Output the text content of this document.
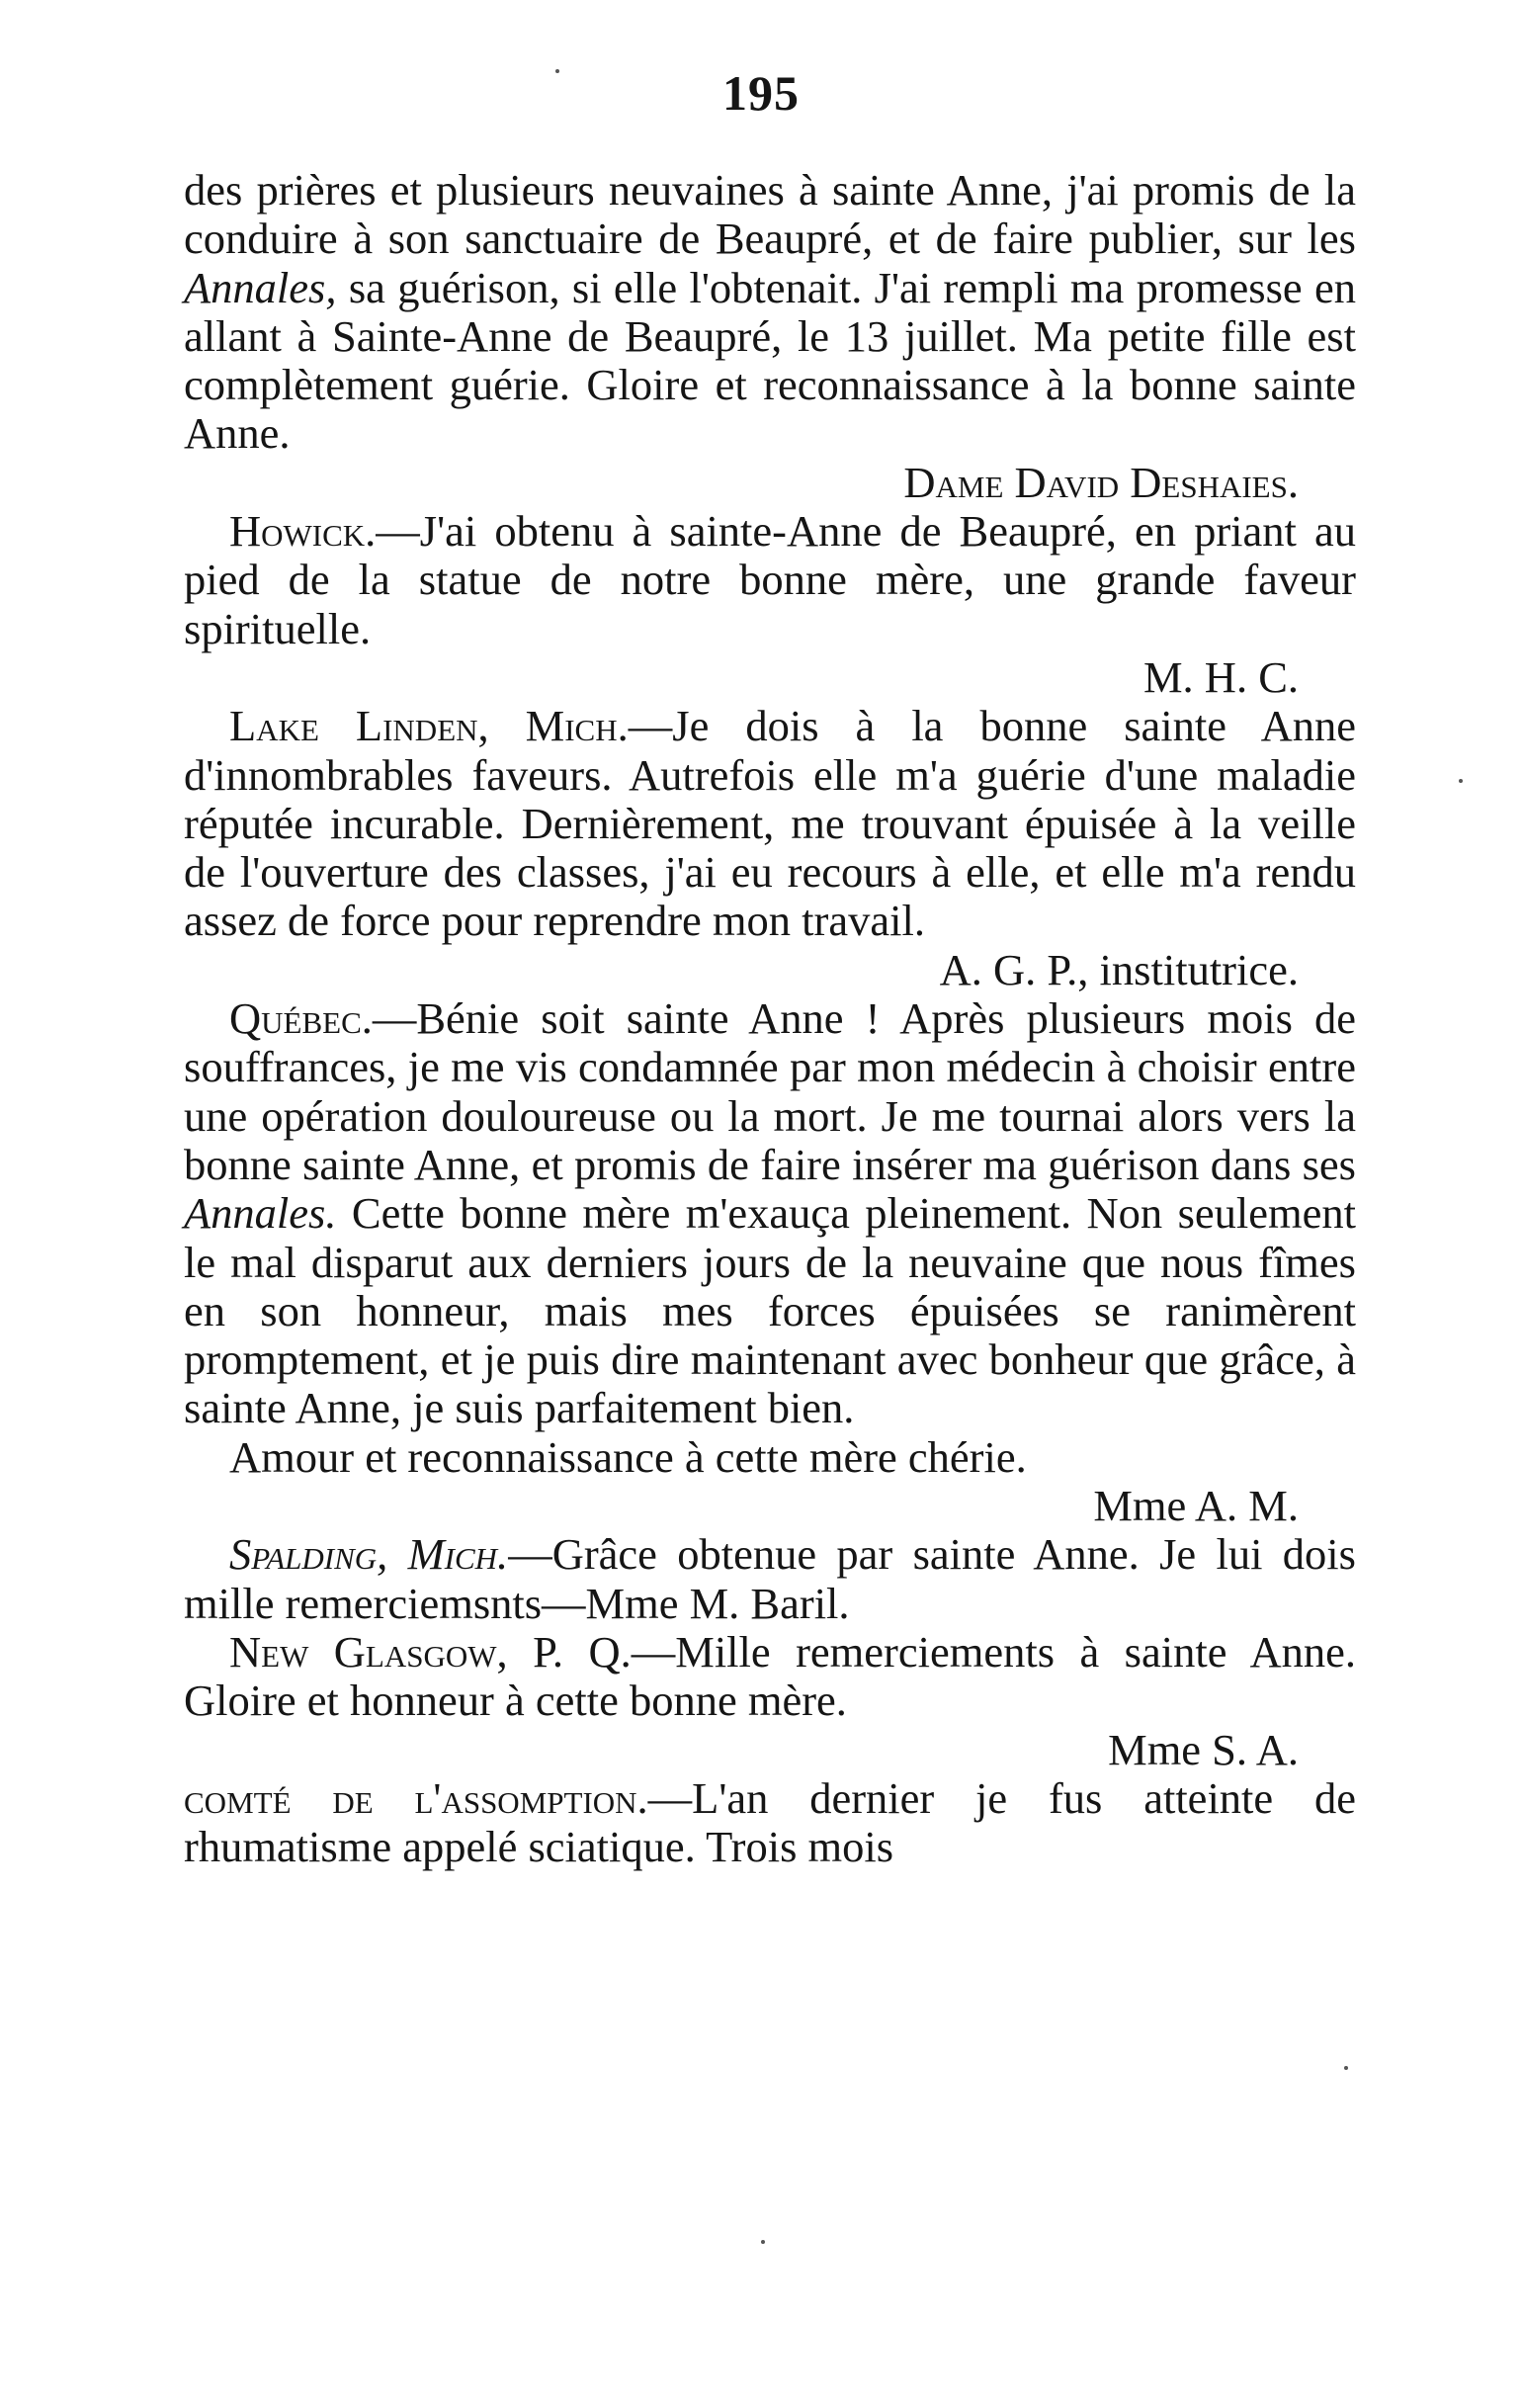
195

des prières et plusieurs neuvaines à sainte Anne, j'ai promis de la conduire à son sanctuaire de Beaupré, et de faire publier, sur les Annales, sa guérison, si elle l'obtenait. J'ai rempli ma promesse en allant à Sainte-Anne de Beaupré, le 13 juillet. Ma petite fille est complètement guérie. Gloire et reconnaissance à la bonne sainte Anne.
Dame David Deshaies.

Howick.—J'ai obtenu à sainte-Anne de Beaupré, en priant au pied de la statue de notre bonne mère, une grande faveur spirituelle.
M. H. C.

Lake Linden, Mich.—Je dois à la bonne sainte Anne d'innombrables faveurs. Autrefois elle m'a guérie d'une maladie réputée incurable. Dernièrement, me trouvant épuisée à la veille de l'ouverture des classes, j'ai eu recours à elle, et elle m'a rendu assez de force pour reprendre mon travail.
A. G. P., institutrice.

Québec.—Bénie soit sainte Anne ! Après plusieurs mois de souffrances, je me vis condamnée par mon médecin à choisir entre une opération douloureuse ou la mort. Je me tournai alors vers la bonne sainte Anne, et promis de faire insérer ma guérison dans ses Annales. Cette bonne mère m'exauça pleinement. Non seulement le mal disparut aux derniers jours de la neuvaine que nous fîmes en son honneur, mais mes forces épuisées se ranimèrent promptement, et je puis dire maintenant avec bonheur que grâce, à sainte Anne, je suis parfaitement bien.

Amour et reconnaissance à cette mère chérie.
Mme A. M.

Spalding, Mich.—Grâce obtenue par sainte Anne. Je lui dois mille remerciemsnts—Mme M. Baril.

New Glasgow, P. Q.—Mille remerciements à sainte Anne. Gloire et honneur à cette bonne mère.
Mme S. A.

comté de l'assomption.—L'an dernier je fus atteinte de rhumatisme appelé sciatique. Trois mois
